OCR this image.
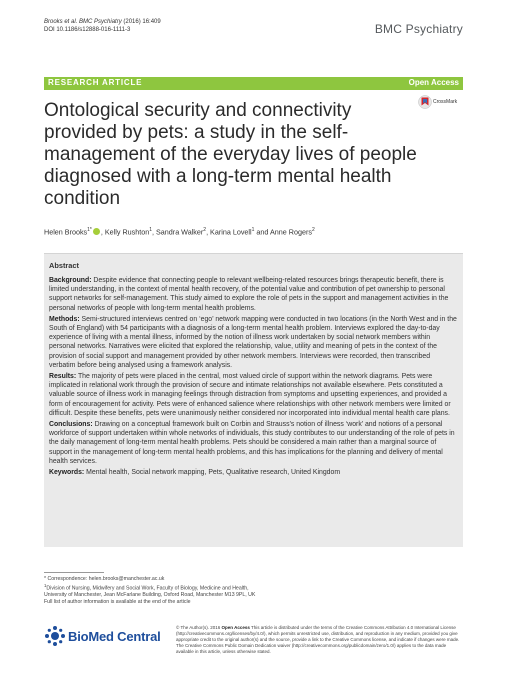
Brooks et al. BMC Psychiatry (2016) 16:409
DOI 10.1186/s12888-016-1111-3	BMC Psychiatry
RESEARCH ARTICLE	Open Access
CrossMark
Ontological security and connectivity provided by pets: a study in the self-management of the everyday lives of people diagnosed with a long-term mental health condition
Helen Brooks$^{1*}$ , Kelly Rushton$^1$, Sandra Walker$^2$, Karina Lovell$^1$ and Anne Rogers$^2$
Abstract

Background: Despite evidence that connecting people to relevant wellbeing-related resources brings therapeutic benefit, there is limited understanding, in the context of mental health recovery, of the potential value and contribution of pet ownership to personal support networks for self-management. This study aimed to explore the role of pets in the support and management activities in the personal networks of people with long-term mental health problems.

Methods: Semi-structured interviews centred on ‘ego’ network mapping were conducted in two locations (in the North West and in the South of England) with 54 participants with a diagnosis of a long-term mental health problem. Interviews explored the day-to-day experience of living with a mental illness, informed by the notion of illness work undertaken by social network members within personal networks. Narratives were elicited that explored the relationship, value, utility and meaning of pets in the context of the provision of social support and management provided by other network members. Interviews were recorded, then transcribed verbatim before being analysed using a framework analysis.

Results: The majority of pets were placed in the central, most valued circle of support within the network diagrams. Pets were implicated in relational work through the provision of secure and intimate relationships not available elsewhere. Pets constituted a valuable source of illness work in managing feelings through distraction from symptoms and upsetting experiences, and provided a form of encouragement for activity. Pets were of enhanced salience where relationships with other network members were limited or difficult. Despite these benefits, pets were unanimously neither considered nor incorporated into individual mental health care plans.

Conclusions: Drawing on a conceptual framework built on Corbin and Strauss’s notion of illness ‘work’ and notions of a personal workforce of support undertaken within whole networks of individuals, this study contributes to our understanding of the role of pets in the daily management of long-term mental health problems. Pets should be considered a main rather than a marginal source of support in the management of long-term mental health problems, and this has implications for the planning and delivery of mental health services.

Keywords: Mental health, Social network mapping, Pets, Qualitative research, United Kingdom

* Correspondence: helen.brooks@manchester.ac.uk
$^1$Division of Nursing, Midwifery and Social Work, Faculty of Biology, Medicine and Health, University of Manchester, Jean McFarlane Building, Oxford Road, Manchester M13 9PL, UK
Full list of author information is available at the end of the article
BioMed Central
© The Author(s). 2016 Open Access This article is distributed under the terms of the Creative Commons Attribution 4.0 International License (http://creativecommons.org/licenses/by/4.0/), which permits unrestricted use, distribution, and reproduction in any medium, provided you give appropriate credit to the original author(s) and the source, provide a link to the Creative Commons license, and indicate if changes were made. The Creative Commons Public Domain Dedication waiver (http://creativecommons.org/publicdomain/zero/1.0/) applies to the data made available in this article, unless otherwise stated.
